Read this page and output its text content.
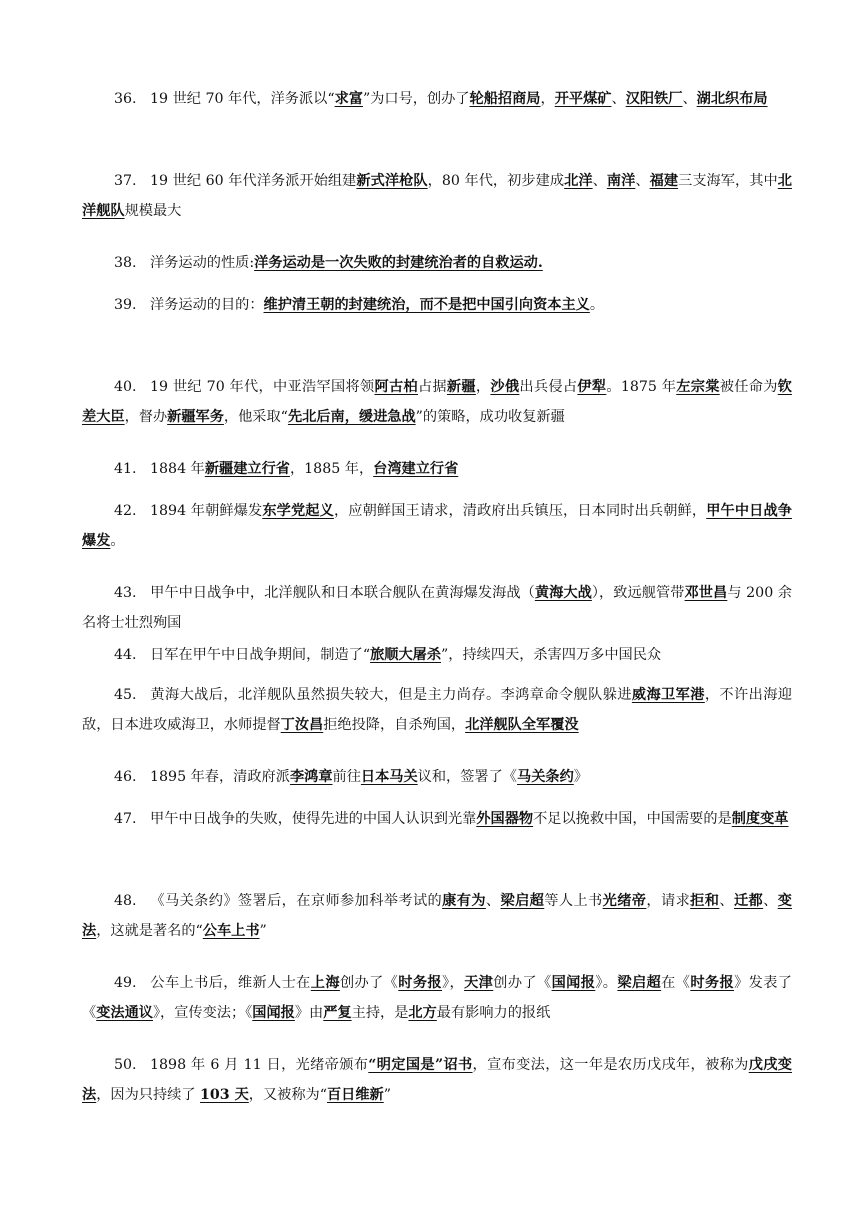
36. 19 世纪 70 年代，洋务派以“求富”为口号，创办了轮船招商局，开平煤矿、汉阳铁厂、湖北织布局
37. 19 世纪 60 年代洋务派开始组建新式洋枪队，80 年代，初步建成北洋、南洋、福建三支海军，其中北洋舰队规模最大
38. 洋务运动的性质:洋务运动是一次失败的封建统治者的自救运动.
39. 洋务运动的目的：维护清王朝的封建统治，而不是把中国引向资本主义。
40. 19 世纪 70 年代，中亚浩罕国将领阿古柏占据新疆，沙俄出兵侵占伊犁。1875 年左宗棠被任命为钦差大臣，督办新疆军务，他采取“先北后南，缓进急战”的策略，成功收复新疆
41. 1884 年新疆建立行省，1885 年，台湾建立行省
42. 1894 年朝鲜爆发东学党起义，应朝鲜国王请求，清政府出兵镇压，日本同时出兵朝鲜，甲午中日战争爆发。
43. 甲午中日战争中，北洋舰队和日本联合舰队在黄海爆发海战（黄海大战），致远舰管带邓世昌与 200 余名将士壮烈殉国
44. 日军在甲午中日战争期间，制造了“旅顺大屠杀”，持续四天，杀害四万多中国民众
45. 黄海大战后，北洋舰队虽然损失较大，但是主力尚存。李鸿章命令舰队躲进威海卫军港，不许出海迎敌，日本进攻威海卫，水师提督丁汝昌拒绝投降，自杀殉国，北洋舰队全军覆没
46. 1895 年春，清政府派李鸿章前往日本马关议和，签署了《马关条约》
47. 甲午中日战争的失败，使得先进的中国人认识到光靠外国器物不足以挽救中国，中国需要的是制度变革
48. 《马关条约》签署后，在京师参加科举考试的康有为、梁启超等人上书光绪帝，请求拒和、迁都、变法，这就是著名的“公车上书”
49. 公车上书后，维新人士在上海创办了《时务报》，天津创办了《国闻报》。梁启超在《时务报》发表了《变法通议》，宣传变法；《国闻报》由严复主持，是北方最有影响力的报纸
50. 1898 年 6 月 11 日，光绪帝颁布“明定国是”诏书，宣布变法，这一年是农历戊戌年，被称为戊戌变法，因为只持续了 103 天，又被称为“百日维新”
